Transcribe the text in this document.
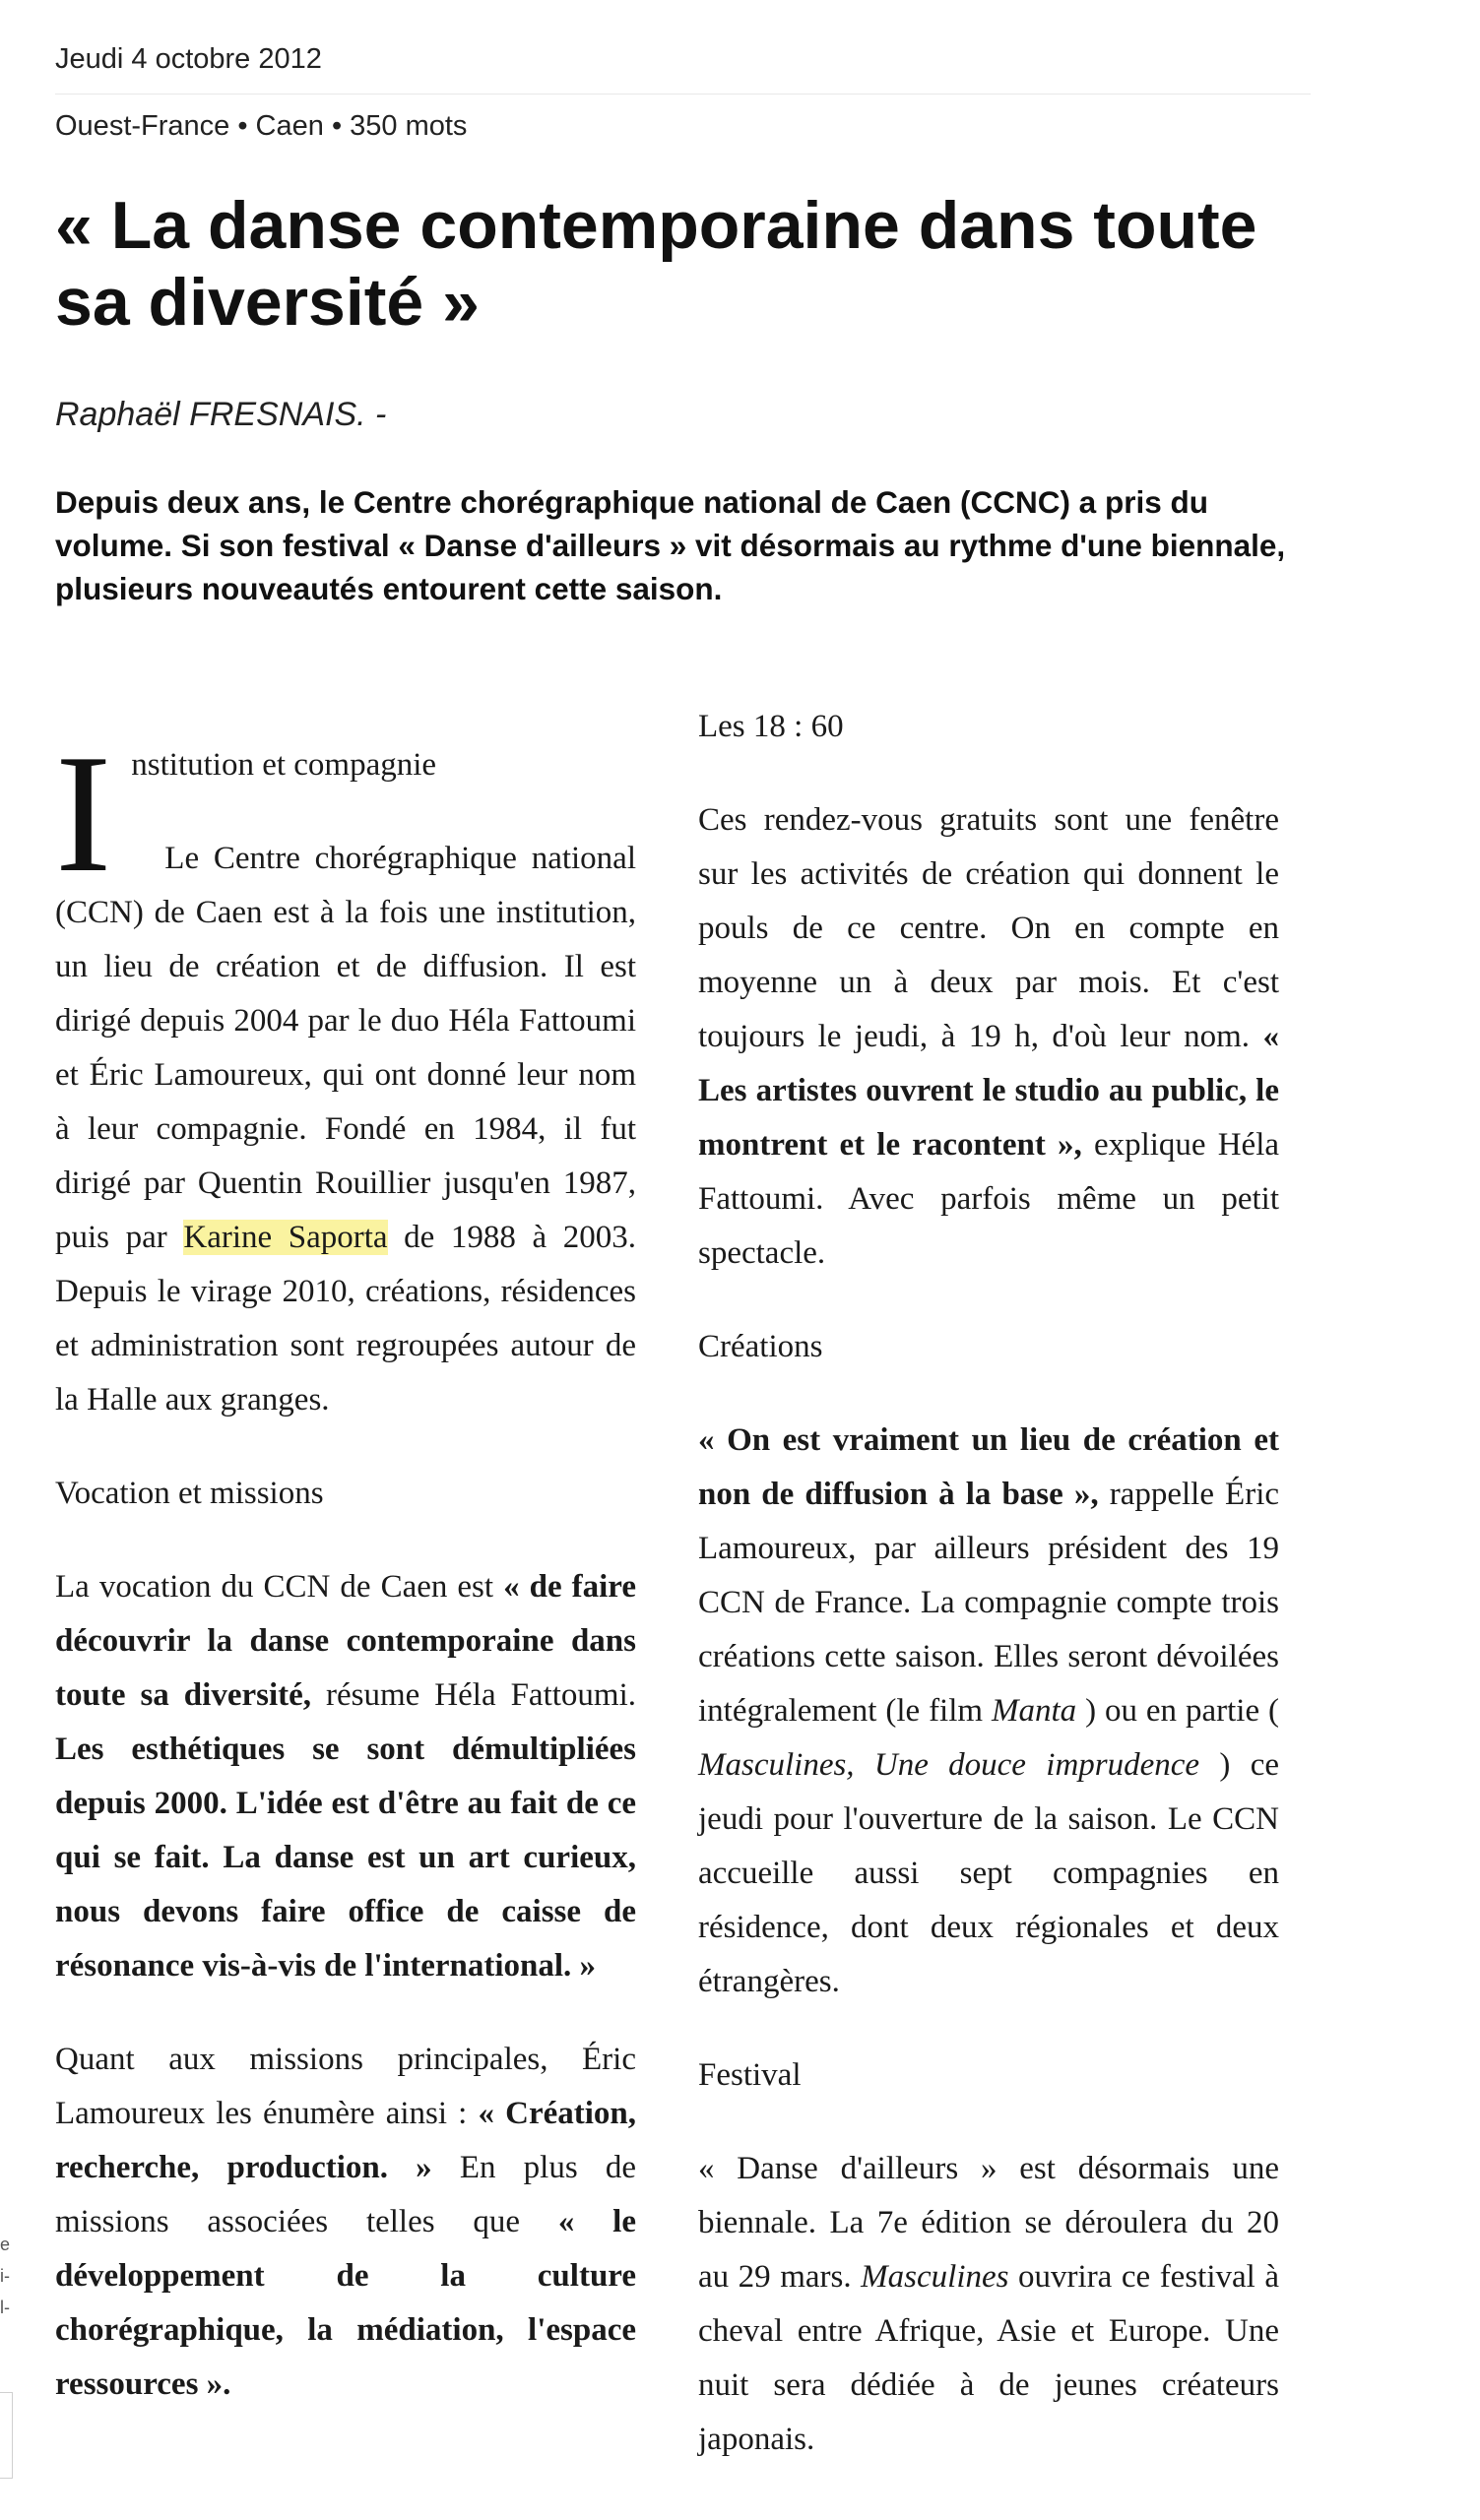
Jeudi 4 octobre 2012
Ouest-France • Caen • 350 mots
« La danse contemporaine dans toute sa diversité »
Raphaël FRESNAIS. -

Depuis deux ans, le Centre chorégraphique national de Caen (CCNC) a pris du volume. Si son festival « Danse d'ailleurs » vit désormais au rythme d'une biennale, plusieurs nouveautés entourent cette saison.

I nstitution et compagnie

Le Centre chorégraphique national (CCN) de Caen est à la fois une institution, un lieu de création et de diffusion. Il est dirigé depuis 2004 par le duo Héla Fattoumi et Éric Lamoureux, qui ont donné leur nom à leur compagnie. Fondé en 1984, il fut dirigé par Quentin Rouillier jusqu'en 1987, puis par Karine Saporta de 1988 à 2003. Depuis le virage 2010, créations, résidences et administration sont regroupées autour de la Halle aux granges.

Vocation et missions

La vocation du CCN de Caen est « de faire découvrir la danse contemporaine dans toute sa diversité, résume Héla Fattoumi. Les esthétiques se sont démultipliées depuis 2000. L'idée est d'être au fait de ce qui se fait. La danse est un art curieux, nous devons faire office de caisse de résonance vis-à-vis de l'international. »

Quant aux missions principales, Éric Lamoureux les énumère ainsi : « Création, recherche, production. » En plus de missions associées telles que « le développement de la culture chorégraphique, la médiation, l'espace ressources ».

Les 18 : 60

Ces rendez-vous gratuits sont une fenêtre sur les activités de création qui donnent le pouls de ce centre. On en compte en moyenne un à deux par mois. Et c'est toujours le jeudi, à 19 h, d'où leur nom. « Les artistes ouvrent le studio au public, le montrent et le racontent », explique Héla Fattoumi. Avec parfois même un petit spectacle.

Créations

« On est vraiment un lieu de création et non de diffusion à la base », rappelle Éric Lamoureux, par ailleurs président des 19 CCN de France. La compagnie compte trois créations cette saison. Elles seront dévoilées intégralement (le film Manta ) ou en partie ( Masculines, Une douce imprudence ) ce jeudi pour l'ouverture de la saison. Le CCN accueille aussi sept compagnies en résidence, dont deux régionales et deux étrangères.

Festival

« Danse d'ailleurs » est désormais une biennale. La 7e édition se déroulera du 20 au 29 mars. Masculines ouvrira ce festival à cheval entre Afrique, Asie et Europe. Une nuit sera dédiée à de jeunes créateurs japonais.

e
i-
l-
